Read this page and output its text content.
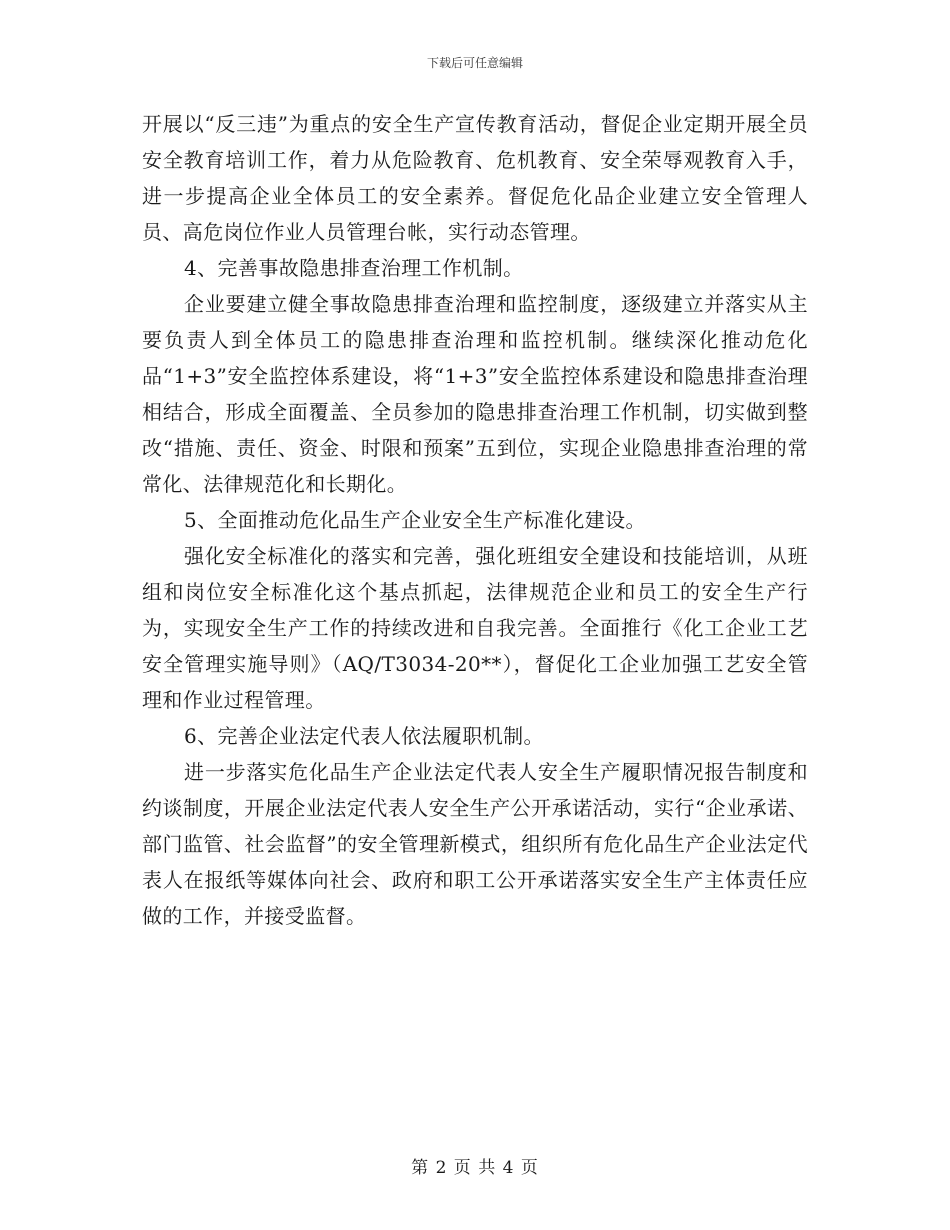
下载后可任意编辑

开展以“反三违”为重点的安全生产宣传教育活动，督促企业定期开展全员安全教育培训工作，着力从危险教育、危机教育、安全荣辱观教育入手，进一步提高企业全体员工的安全素养。督促危化品企业建立安全管理人员、高危岗位作业人员管理台帐，实行动态管理。

4、完善事故隐患排查治理工作机制。

企业要建立健全事故隐患排查治理和监控制度，逐级建立并落实从主要负责人到全体员工的隐患排查治理和监控机制。继续深化推动危化品“1+3”安全监控体系建设，将“1+3”安全监控体系建设和隐患排查治理相结合，形成全面覆盖、全员参加的隐患排查治理工作机制，切实做到整改“措施、责任、资金、时限和预案”五到位，实现企业隐患排查治理的常常化、法律规范化和长期化。

5、全面推动危化品生产企业安全生产标准化建设。

强化安全标准化的落实和完善，强化班组安全建设和技能培训，从班组和岗位安全标准化这个基点抓起，法律规范企业和员工的安全生产行为，实现安全生产工作的持续改进和自我完善。全面推行《化工企业工艺安全管理实施导则》（AQ/T3034-20**），督促化工企业加强工艺安全管理和作业过程管理。

6、完善企业法定代表人依法履职机制。

进一步落实危化品生产企业法定代表人安全生产履职情况报告制度和约谈制度，开展企业法定代表人安全生产公开承诺活动，实行“企业承诺、部门监管、社会监督”的安全管理新模式，组织所有危化品生产企业法定代表人在报纸等媒体向社会、政府和职工公开承诺落实安全生产主体责任应做的工作，并接受监督。

第 2 页 共 4 页
